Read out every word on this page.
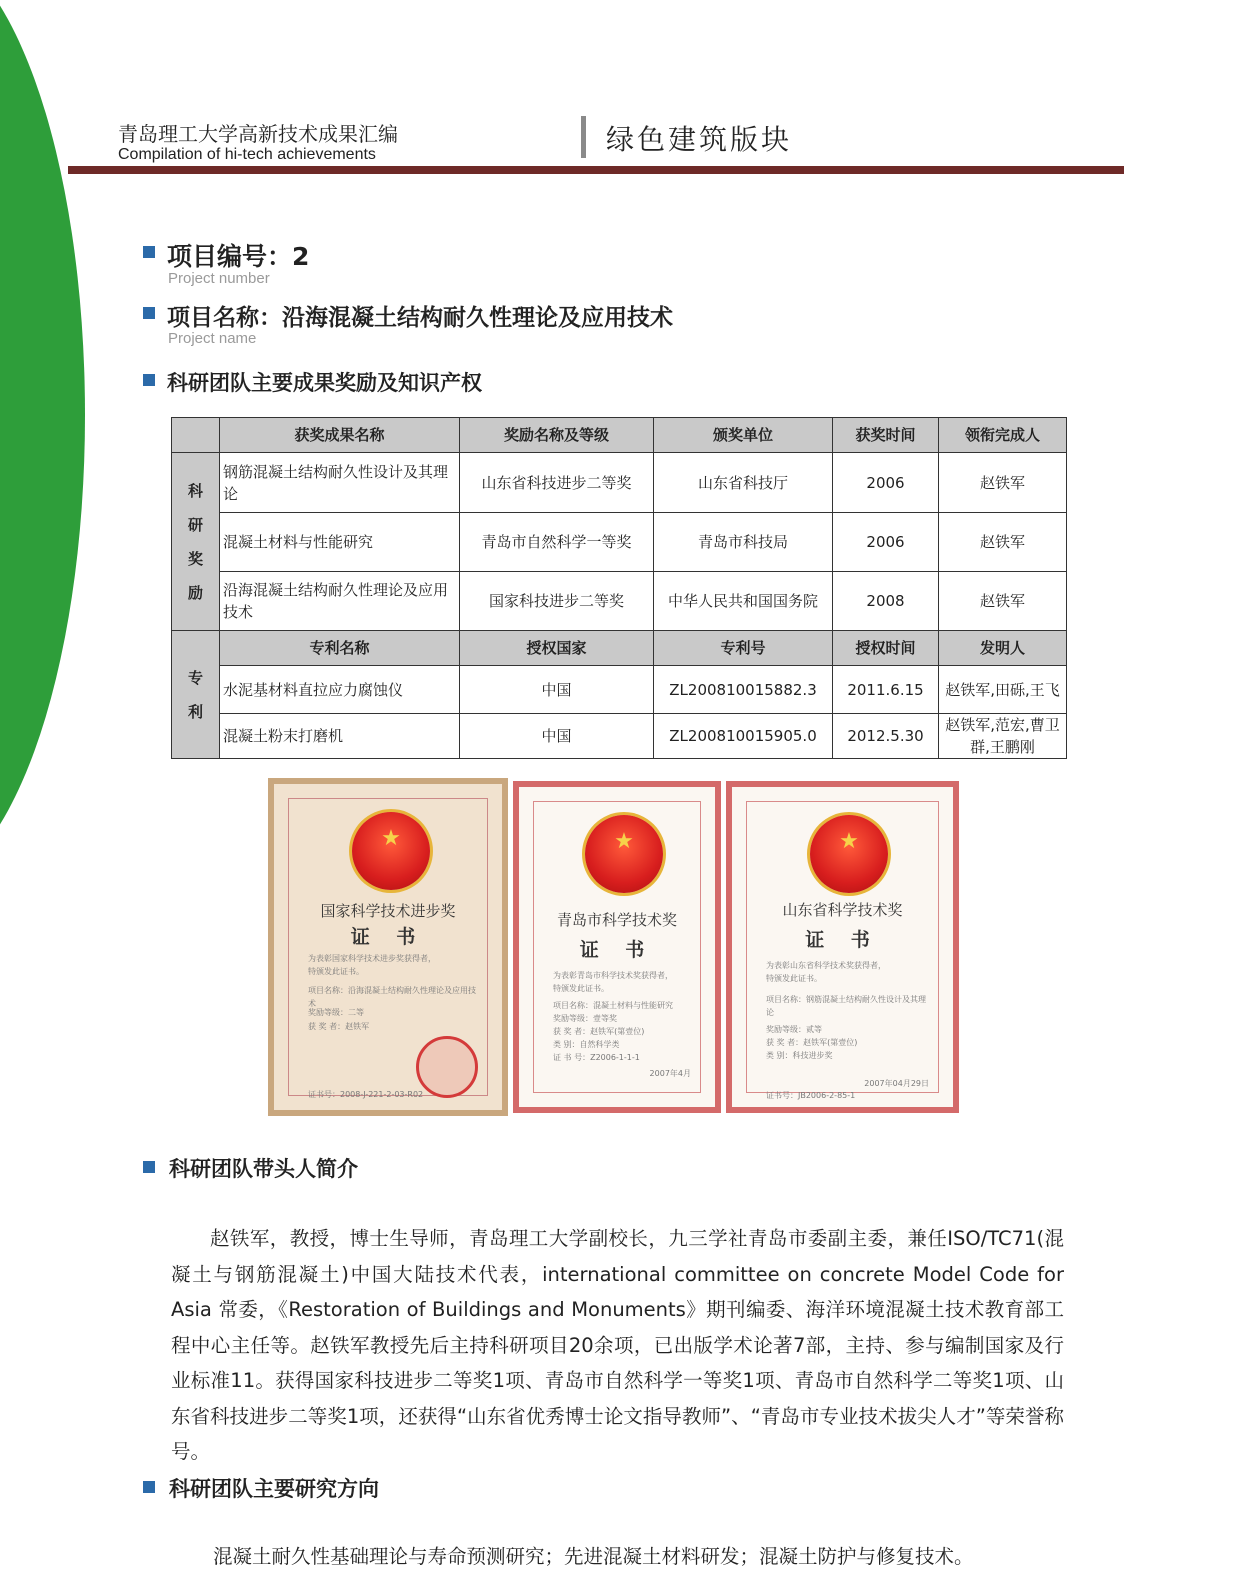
青岛理工大学高新技术成果汇编
Compilation of hi-tech achievements	绿色建筑版块
项目编号：2
Project number
项目名称：沿海混凝土结构耐久性理论及应用技术
Project name
科研团队主要成果奖励及知识产权
	获奖成果名称	奖励名称及等级	颁奖单位	获奖时间	领衔完成人

科
研
奖
励	钢筋混凝土结构耐久性设计及其理论	山东省科技进步二等奖	山东省科技厅	2006	赵铁军
	混凝土材料与性能研究	青岛市自然科学一等奖	青岛市科技局	2006	赵铁军
	沿海混凝土结构耐久性理论及应用技术	国家科技进步二等奖	中华人民共和国国务院	2008	赵铁军

专
利	专利名称	授权国家	专利号	授权时间	发明人
	水泥基材料直拉应力腐蚀仪	中国	ZL200810015882.3	2011.6.15	赵铁军,田砾,王飞
	混凝土粉末打磨机	中国	ZL200810015905.0	2012.5.30	赵铁军,范宏,曹卫群,王鹏刚
★
国家科学技术进步奖
证 书
为表彰国家科学技术进步奖获得者，
特颁发此证书。
项目名称：沿海混凝土结构耐久性理论及应用技术
奖励等级：二等
获 奖 者：赵铁军
证书号：2008-J-221-2-03-R02
★
青岛市科学技术奖
证 书
为表彰青岛市科学技术奖获得者，
特颁发此证书。
项目名称：混凝土材料与性能研究
奖励等级：壹等奖
获 奖 者：赵铁军(第壹位)
类 别：自然科学类
证 书 号：Z2006-1-1-1
2007年4月
★
山东省科学技术奖
证 书
为表彰山东省科学技术奖获得者，
特颁发此证书。
项目名称：钢筋混凝土结构耐久性设计及其理论
奖励等级：贰等
获 奖 者：赵铁军(第壹位)
类 别：科技进步奖
2007年04月29日
证书号：JB2006-2-85-1
科研团队带头人简介

赵铁军，教授，博士生导师，青岛理工大学副校长，九三学社青岛市委副主委，兼任ISO/TC71(混凝土与钢筋混凝土)中国大陆技术代表，international committee on concrete Model Code for Asia 常委，《Restoration of Buildings and Monuments》期刊编委、海洋环境混凝土技术教育部工程中心主任等。赵铁军教授先后主持科研项目20余项，已出版学术论著7部，主持、参与编制国家及行业标准11。获得国家科技进步二等奖1项、青岛市自然科学一等奖1项、青岛市自然科学二等奖1项、山东省科技进步二等奖1项，还获得“山东省优秀博士论文指导教师”、“青岛市专业技术拔尖人才”等荣誉称号。

科研团队主要研究方向
混凝土耐久性基础理论与寿命预测研究；先进混凝土材料研发；混凝土防护与修复技术。
